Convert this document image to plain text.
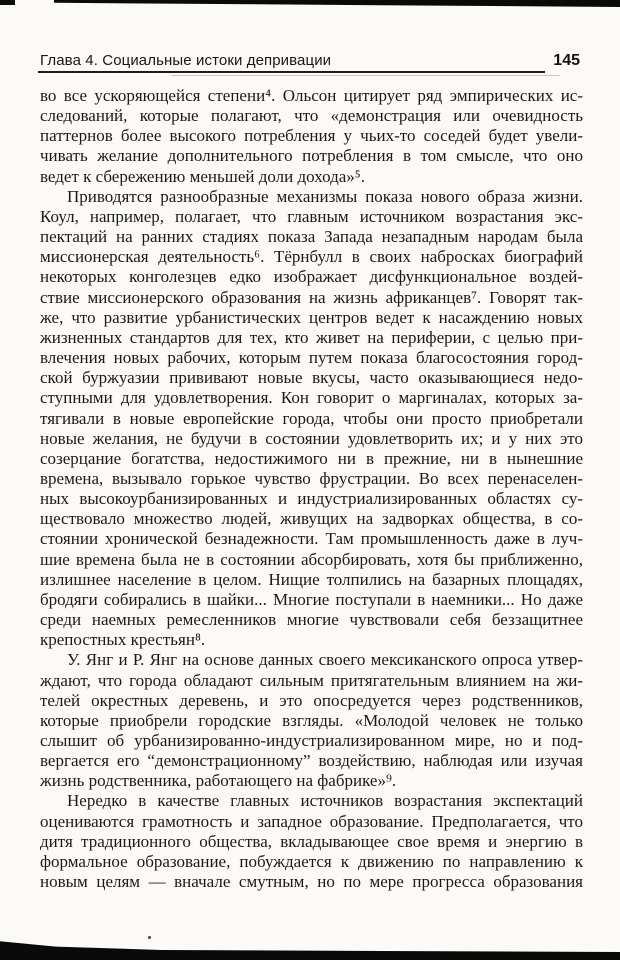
Глава 4. Социальные истоки депривации	145
во все ускоряющейся степени⁴. Ольсон цитирует ряд эмпирических ис-
следований, которые полагают, что «демонстрация или очевидность
паттернов более высокого потребления у чьих-то соседей будет увели-
чивать желание дополнительного потребления в том смысле, что оно
ведет к сбережению меньшей доли дохода»⁵.
Приводятся разнообразные механизмы показа нового образа жизни.
Коул, например, полагает, что главным источником возрастания экс-
пектаций на ранних стадиях показа Запада незападным народам была
миссионерская деятельность⁶. Тёрнбулл в своих набросках биографий
некоторых конголезцев едко изображает дисфункциональное воздей-
ствие миссионерского образования на жизнь африканцев⁷. Говорят так-
же, что развитие урбанистических центров ведет к насаждению новых
жизненных стандартов для тех, кто живет на периферии, с целью при-
влечения новых рабочих, которым путем показа благосостояния город-
ской буржуазии прививают новые вкусы, часто оказывающиеся недо-
ступными для удовлетворения. Кон говорит о маргиналах, которых за-
тягивали в новые европейские города, чтобы они просто приобретали
новые желания, не будучи в состоянии удовлетворить их; и у них это
созерцание богатства, недостижимого ни в прежние, ни в нынешние
времена, вызывало горькое чувство фрустрации. Во всех перенаселен-
ных высокоурбанизированных и индустриализированных областях су-
ществовало множество людей, живущих на задворках общества, в со-
стоянии хронической безнадежности. Там промышленность даже в луч-
шие времена была не в состоянии абсорбировать, хотя бы приближенно,
излишнее население в целом. Нищие толпились на базарных площадях,
бродяги собирались в шайки... Многие поступали в наемники... Но даже
среди наемных ремесленников многие чувствовали себя беззащитнее
крепостных крестьян⁸.
У. Янг и Р. Янг на основе данных своего мексиканского опроса утвер-
ждают, что города обладают сильным притягательным влиянием на жи-
телей окрестных деревень, и это опосредуется через родственников,
которые приобрели городские взгляды. «Молодой человек не только
слышит об урбанизированно-индустриализированном мире, но и под-
вергается его “демонстрационному” воздействию, наблюдая или изучая
жизнь родственника, работающего на фабрике»⁹.
Нередко в качестве главных источников возрастания экспектаций
оцениваются грамотность и западное образование. Предполагается, что
дитя традиционного общества, вкладывающее свое время и энергию в
формальное образование, побуждается к движению по направлению к
новым целям — вначале смутным, но по мере прогресса образования
